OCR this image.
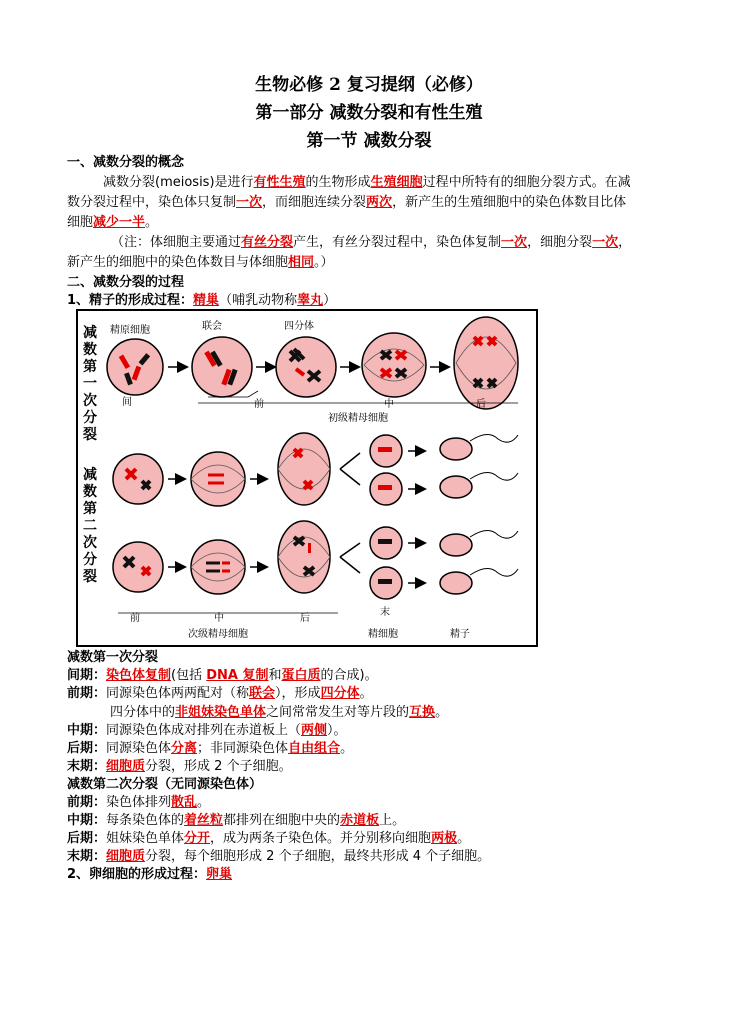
生物必修 2 复习提纲（必修）
第一部分 减数分裂和有性生殖
第一节 减数分裂
一、减数分裂的概念
减数分裂(meiosis)是进行有性生殖的生物形成生殖细胞过程中所特有的细胞分裂方式。在减
数分裂过程中，染色体只复制一次，而细胞连续分裂两次，新产生的生殖细胞中的染色体数目比体
细胞减少一半。
（注：体细胞主要通过有丝分裂产生，有丝分裂过程中，染色体复制一次，细胞分裂一次，
新产生的细胞中的染色体数目与体细胞相同。）
二、减数分裂的过程
1、精子的形成过程：精巢（哺乳动物称睾丸）
减数第一次分裂
减数第二次分裂
精原细胞	联会	四分体
间	前	中	后
初级精母细胞
前	中	后
末
次级精母细胞	精细胞	精子
减数第一次分裂
间期：染色体复制(包括 DNA 复制和蛋白质的合成)。
前期：同源染色体两两配对（称联会），形成四分体。
四分体中的非姐妹染色单体之间常常发生对等片段的互换。
中期：同源染色体成对排列在赤道板上（两侧）。
后期：同源染色体分离；非同源染色体自由组合。
末期：细胞质分裂，形成 2 个子细胞。
减数第二次分裂（无同源染色体）
前期：染色体排列散乱。
中期：每条染色体的着丝粒都排列在细胞中央的赤道板上。
后期：姐妹染色单体分开，成为两条子染色体。并分别移向细胞两极。
末期：细胞质分裂，每个细胞形成 2 个子细胞，最终共形成 4 个子细胞。
2、卵细胞的形成过程：卵巢
